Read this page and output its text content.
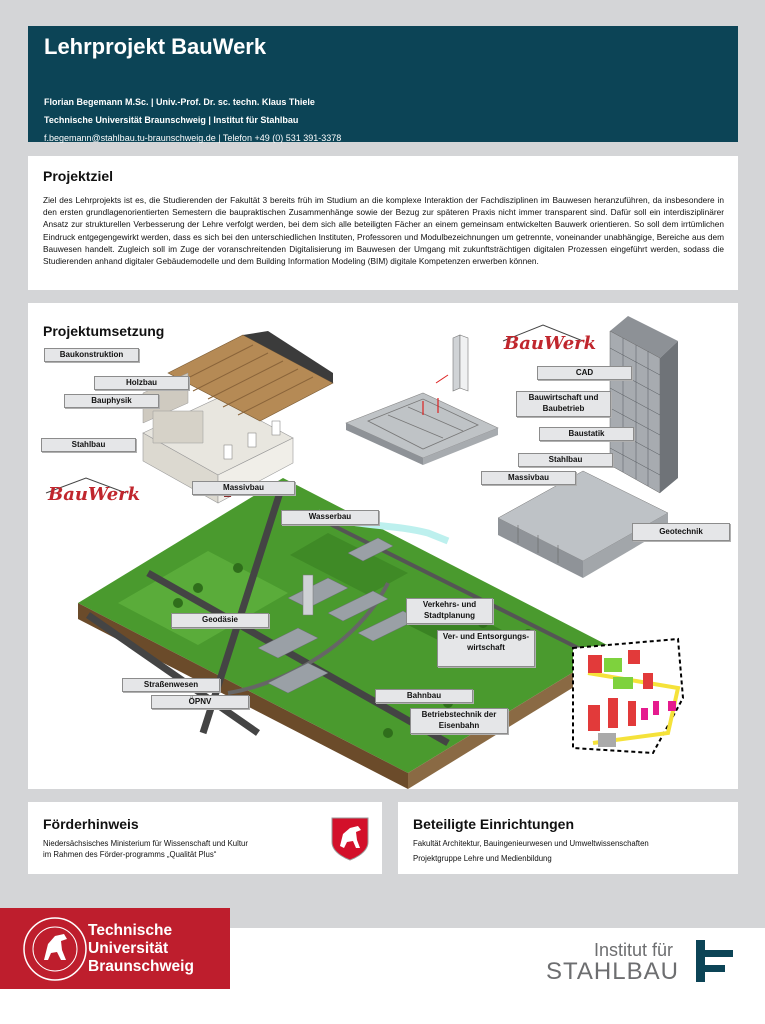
Lehrprojekt BauWerk
Florian Begemann M.Sc. | Univ.-Prof. Dr. sc. techn. Klaus Thiele
Technische Universität Braunschweig | Institut für Stahlbau
f.begemann@stahlbau.tu-braunschweig.de | Telefon +49 (0) 531 391-3378
Projektziel

Ziel des Lehrprojekts ist es, die Studierenden der Fakultät 3 bereits früh im Studium an die komplexe Interaktion der Fachdisziplinen im Bauwesen heranzuführen, da insbesondere in den ersten grundlagenorientierten Semestern die baupraktischen Zusammenhänge sowie der Bezug zur späteren Praxis nicht immer transparent sind. Dafür soll ein interdisziplinärer Ansatz zur strukturellen Verbesserung der Lehre verfolgt werden, bei dem sich alle beteiligten Fächer an einem gemeinsam entwickelten Bauwerk orientieren. So soll dem irrtümlichen Eindruck entgegengewirkt werden, dass es sich bei den unterschiedlichen Instituten, Professoren und Modulbezeichnungen um getrennte, voneinander unabhängige, Bereiche aus dem Bauwesen handelt. Zugleich soll im Zuge der voranschreitenden Digitalisierung im Bauwesen der Umgang mit zukunftsträchtigen digitalen Prozessen eingeführt werden, sodass die Studierenden anhand digitaler Gebäudemodelle und dem Building Information Modeling (BIM) digitale Kompetenzen erwerben können.

Projektumsetzung
BauWerk
BauWerk
Baukonstruktion
Holzbau
Bauphysik
Stahlbau
Massivbau
CAD
Bauwirtschaft und Baubetrieb
Baustatik
Stahlbau
Massivbau
Geotechnik
Wasserbau
Geodäsie
Verkehrs- und Stadtplanung
Ver- und Entsorgungs-wirtschaft
Straßenwesen
ÖPNV
Bahnbau
Betriebstechnik der Eisenbahn
Förderhinweis
Niedersächsisches Ministerium für Wissenschaft und Kultur
im Rahmen des Förder-programms „Qualität Plus“
Beteiligte Einrichtungen
Fakultät Architektur, Bauingenieurwesen und Umweltwissenschaften
Projektgruppe Lehre und Medienbildung
Technische
Universität
Braunschweig
Institut für
STAHLBAU
